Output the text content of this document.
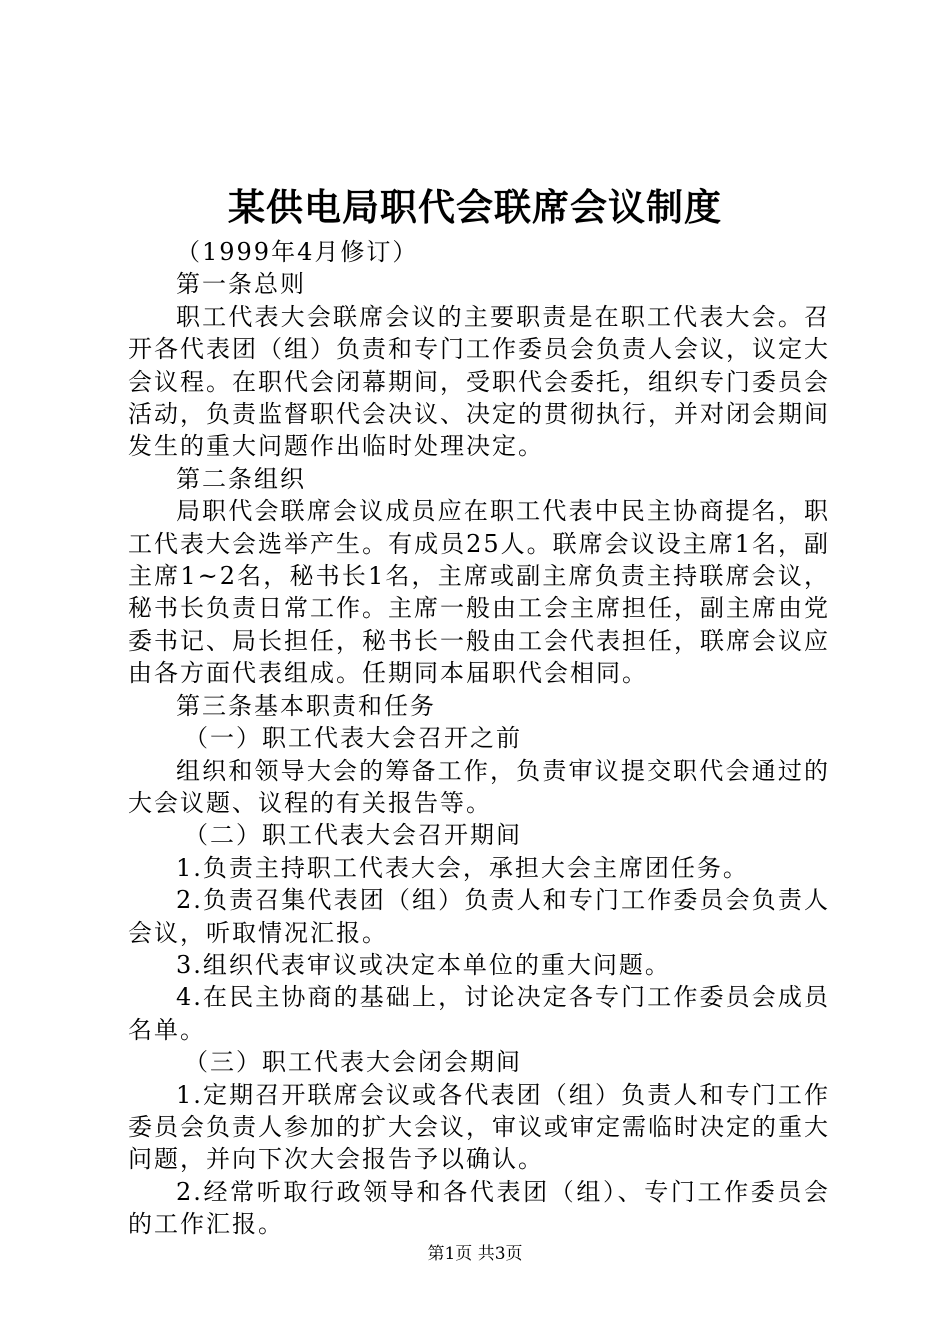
某供电局职代会联席会议制度

（1999年4月修订）

第一条总则

职工代表大会联席会议的主要职责是在职工代表大会。召开各代表团（组）负责和专门工作委员会负责人会议，议定大会议程。在职代会闭幕期间，受职代会委托，组织专门委员会活动，负责监督职代会决议、决定的贯彻执行，并对闭会期间发生的重大问题作出临时处理决定。

第二条组织

局职代会联席会议成员应在职工代表中民主协商提名，职工代表大会选举产生。有成员25人。联席会议设主席1名，副主席1~2名，秘书长1名，主席或副主席负责主持联席会议，秘书长负责日常工作。主席一般由工会主席担任，副主席由党委书记、局长担任，秘书长一般由工会代表担任，联席会议应由各方面代表组成。任期同本届职代会相同。

第三条基本职责和任务

（一）职工代表大会召开之前

组织和领导大会的筹备工作，负责审议提交职代会通过的大会议题、议程的有关报告等。

（二）职工代表大会召开期间

1.负责主持职工代表大会，承担大会主席团任务。

2.负责召集代表团（组）负责人和专门工作委员会负责人会议，听取情况汇报。

3.组织代表审议或决定本单位的重大问题。

4.在民主协商的基础上，讨论决定各专门工作委员会成员名单。

（三）职工代表大会闭会期间

1.定期召开联席会议或各代表团（组）负责人和专门工作委员会负责人参加的扩大会议，审议或审定需临时决定的重大问题，并向下次大会报告予以确认。

2.经常听取行政领导和各代表团（组）、专门工作委员会的工作汇报。

第1页 共3页
